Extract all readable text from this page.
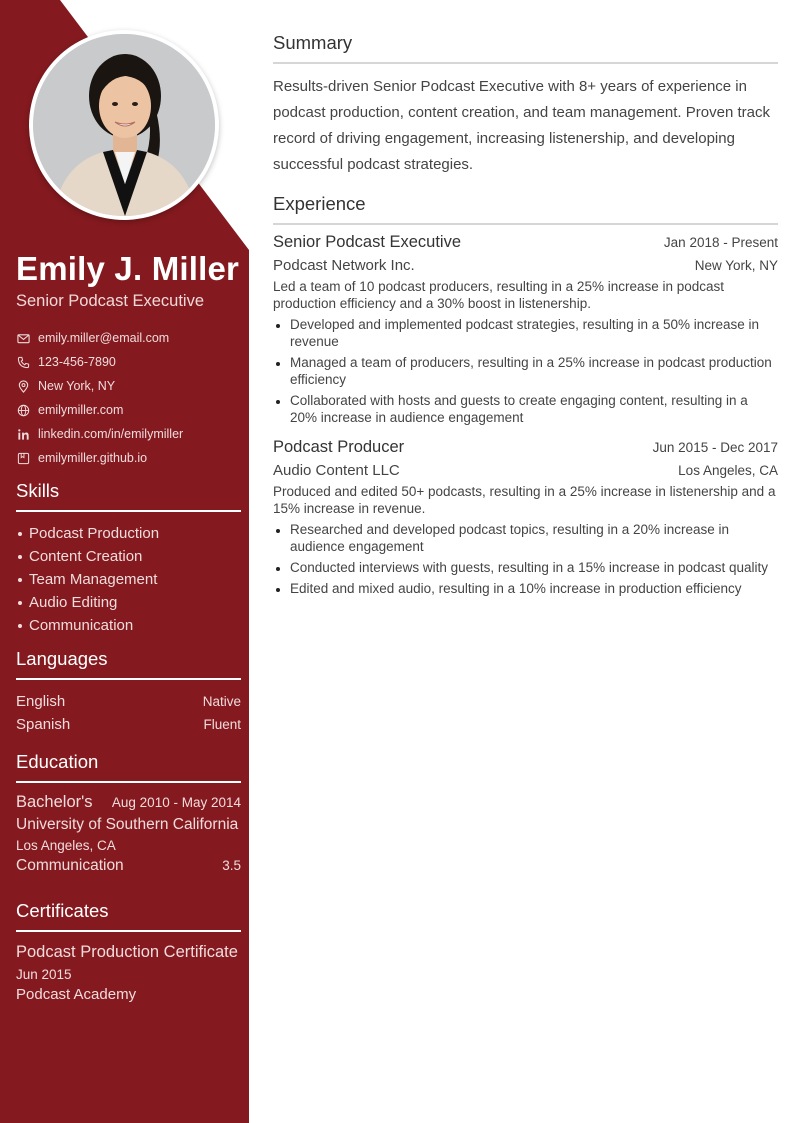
Emily J. Miller
Senior Podcast Executive
emily.miller@email.com
123-456-7890
New York, NY
emilymiller.com
linkedin.com/in/emilymiller
emilymiller.github.io
Skills
Podcast Production
Content Creation
Team Management
Audio Editing
Communication
Languages
English	Native
Spanish	Fluent
Education
Bachelor's Aug 2010 - May 2014
University of Southern California
Los Angeles, CA
Communication	3.5
Certificates
Podcast Production Certificate
Jun 2015
Podcast Academy
Summary

Results-driven Senior Podcast Executive with 8+ years of experience in podcast production, content creation, and team management. Proven track record of driving engagement, increasing listenership, and developing successful podcast strategies.

Experience
Senior Podcast Executive	Jan 2018 - Present
Podcast Network Inc.	New York, NY
Led a team of 10 podcast producers, resulting in a 25% increase in podcast production efficiency and a 30% boost in listenership.
Developed and implemented podcast strategies, resulting in a 50% increase in revenue
Managed a team of producers, resulting in a 25% increase in podcast production efficiency
Collaborated with hosts and guests to create engaging content, resulting in a 20% increase in audience engagement
Podcast Producer	Jun 2015 - Dec 2017
Audio Content LLC	Los Angeles, CA
Produced and edited 50+ podcasts, resulting in a 25% increase in listenership and a 15% increase in revenue.
Researched and developed podcast topics, resulting in a 20% increase in audience engagement
Conducted interviews with guests, resulting in a 15% increase in podcast quality
Edited and mixed audio, resulting in a 10% increase in production efficiency
